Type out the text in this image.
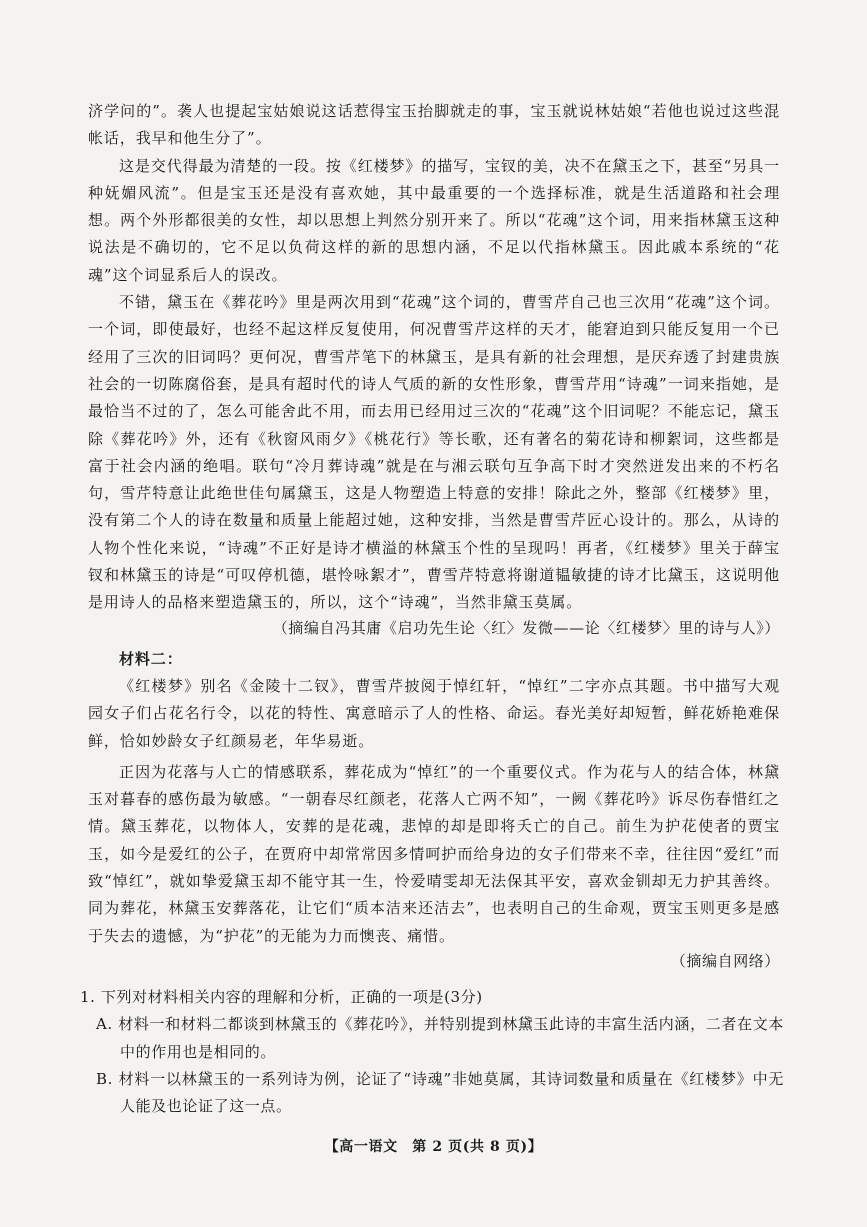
济学问的”。袭人也提起宝姑娘说这话惹得宝玉抬脚就走的事，宝玉就说林姑娘“若他也说过这些混帐话，我早和他生分了”。

这是交代得最为清楚的一段。按《红楼梦》的描写，宝钗的美，决不在黛玉之下，甚至“另具一种妩媚风流”。但是宝玉还是没有喜欢她，其中最重要的一个选择标准，就是生活道路和社会理想。两个外形都很美的女性，却以思想上判然分别开来了。所以“花魂”这个词，用来指林黛玉这种说法是不确切的，它不足以负荷这样的新的思想内涵，不足以代指林黛玉。因此戚本系统的“花魂”这个词显系后人的误改。

不错，黛玉在《葬花吟》里是两次用到“花魂”这个词的，曹雪芹自己也三次用“花魂”这个词。一个词，即使最好，也经不起这样反复使用，何况曹雪芹这样的天才，能窘迫到只能反复用一个已经用了三次的旧词吗？更何况，曹雪芹笔下的林黛玉，是具有新的社会理想，是厌弃透了封建贵族社会的一切陈腐俗套，是具有超时代的诗人气质的新的女性形象，曹雪芹用“诗魂”一词来指她，是最恰当不过的了，怎么可能舍此不用，而去用已经用过三次的“花魂”这个旧词呢？不能忘记，黛玉除《葬花吟》外，还有《秋窗风雨夕》《桃花行》等长歌，还有著名的菊花诗和柳絮词，这些都是富于社会内涵的绝唱。联句“冷月葬诗魂”就是在与湘云联句互争高下时才突然迸发出来的不朽名句，雪芹特意让此绝世佳句属黛玉，这是人物塑造上特意的安排！除此之外，整部《红楼梦》里，没有第二个人的诗在数量和质量上能超过她，这种安排，当然是曹雪芹匠心设计的。那么，从诗的人物个性化来说，“诗魂”不正好是诗才横溢的林黛玉个性的呈现吗！再者，《红楼梦》里关于薛宝钗和林黛玉的诗是“可叹停机德，堪怜咏絮才”，曹雪芹特意将谢道韫敏捷的诗才比黛玉，这说明他是用诗人的品格来塑造黛玉的，所以，这个“诗魂”，当然非黛玉莫属。

（摘编自冯其庸《启功先生论〈红〉发微——论〈红楼梦〉里的诗与人》）

材料二：

《红楼梦》别名《金陵十二钗》，曹雪芹披阅于悼红轩，“悼红”二字亦点其题。书中描写大观园女子们占花名行令，以花的特性、寓意暗示了人的性格、命运。春光美好却短暂，鲜花娇艳难保鲜，恰如妙龄女子红颜易老，年华易逝。

正因为花落与人亡的情感联系，葬花成为“悼红”的一个重要仪式。作为花与人的结合体，林黛玉对暮春的感伤最为敏感。“一朝春尽红颜老，花落人亡两不知”，一阙《葬花吟》诉尽伤春惜红之情。黛玉葬花，以物体人，安葬的是花魂，悲悼的却是即将夭亡的自己。前生为护花使者的贾宝玉，如今是爱红的公子，在贾府中却常常因多情呵护而给身边的女子们带来不幸，往往因“爱红”而致“悼红”，就如挚爱黛玉却不能守其一生，怜爱晴雯却无法保其平安，喜欢金钏却无力护其善终。同为葬花，林黛玉安葬落花，让它们“质本洁来还洁去”，也表明自己的生命观，贾宝玉则更多是感于失去的遗憾，为“护花”的无能为力而懊丧、痛惜。

（摘编自网络）

1. 下列对材料相关内容的理解和分析，正确的一项是(3分)

A. 材料一和材料二都谈到林黛玉的《葬花吟》，并特别提到林黛玉此诗的丰富生活内涵，二者在文本中的作用也是相同的。

B. 材料一以林黛玉的一系列诗为例，论证了“诗魂”非她莫属，其诗词数量和质量在《红楼梦》中无人能及也论证了这一点。

【高一语文　第 2 页(共 8 页)】
